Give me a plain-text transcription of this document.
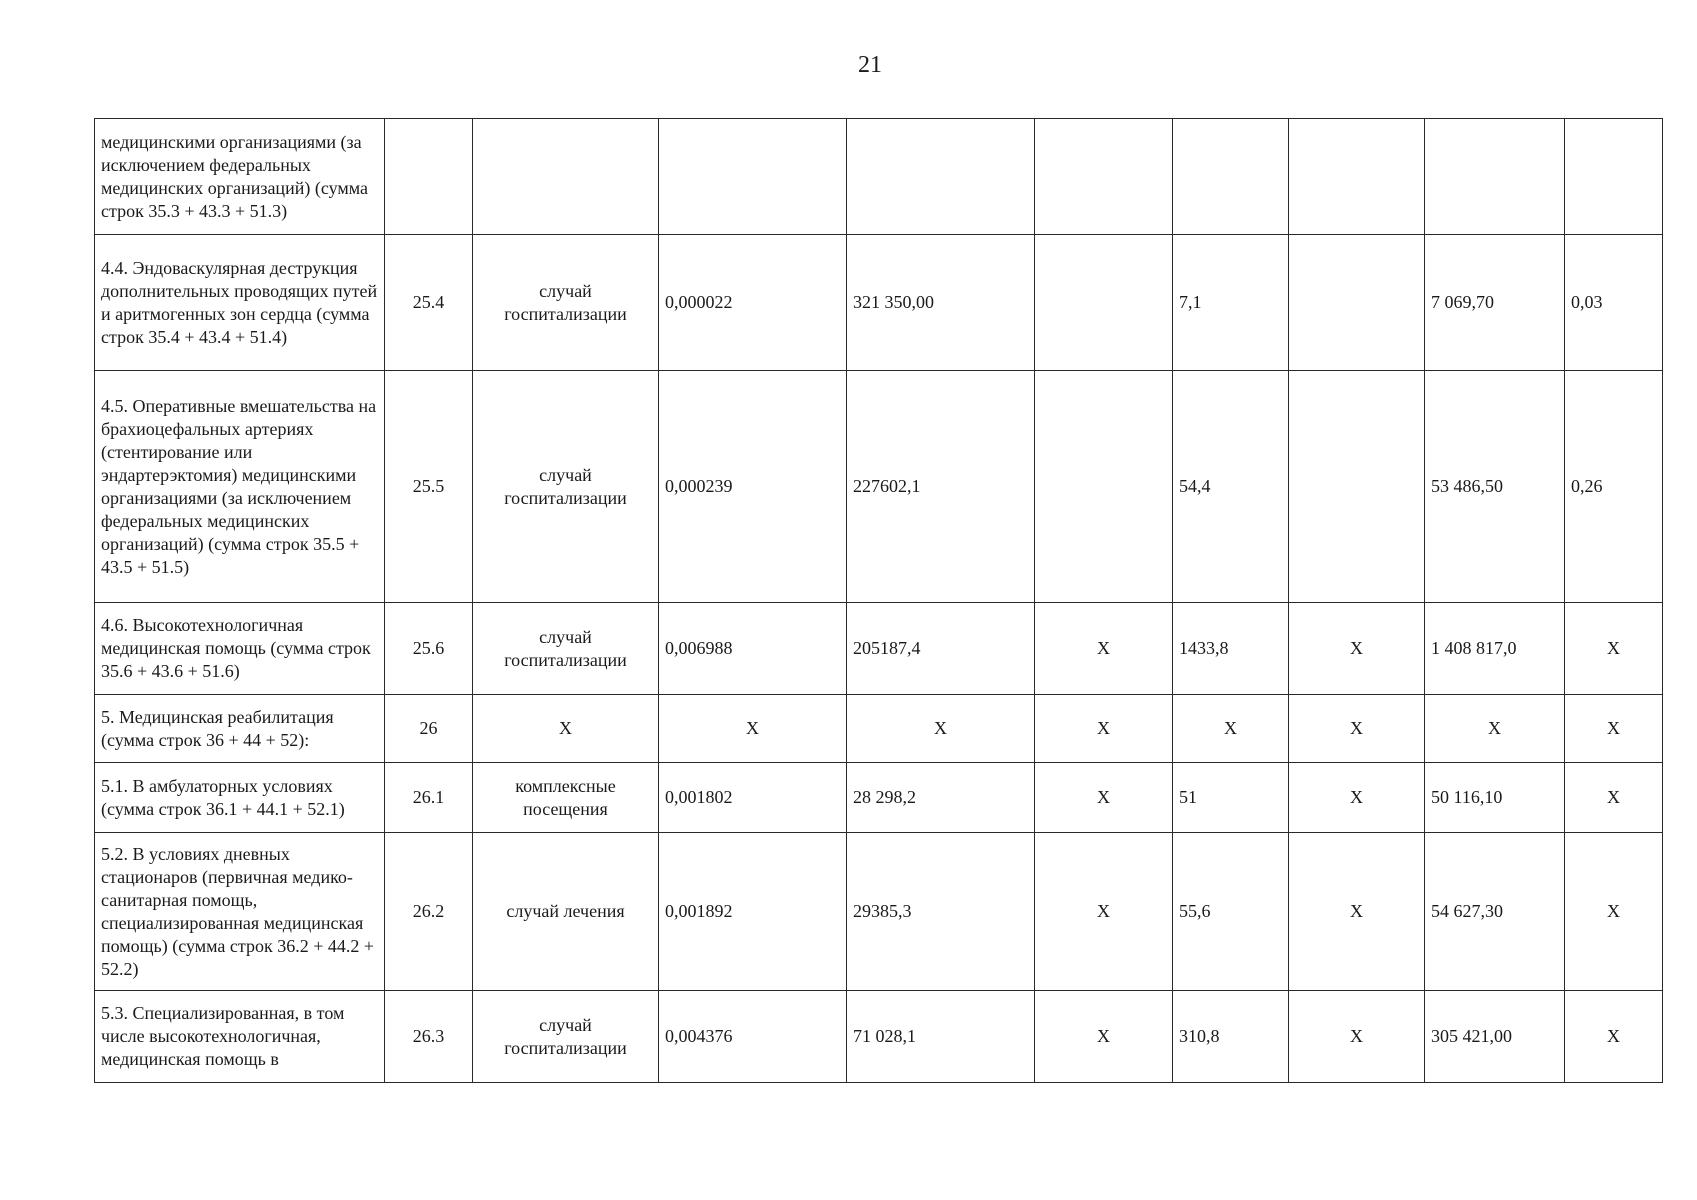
21
медицинскими организациями (за исключением федеральных медицинских организаций) (сумма строк 35.3 + 43.3 + 51.3)									
4.4. Эндоваскулярная деструкция дополнительных проводящих путей и аритмогенных зон сердца (сумма строк 35.4 + 43.4 + 51.4)	25.4	случай госпитализации	0,000022	321 350,00		7,1		7 069,70	0,03
4.5. Оперативные вмешательства на брахиоцефальных артериях (стентирование или эндартерэктомия) медицинскими организациями (за исключением федеральных медицинских организаций) (сумма строк 35.5 + 43.5 + 51.5)	25.5	случай госпитализации	0,000239	227602,1		54,4		53 486,50	0,26
4.6. Высокотехнологичная медицинская помощь (сумма строк 35.6 + 43.6 + 51.6)	25.6	случай госпитализации	0,006988	205187,4	X	1433,8	X	1 408 817,0	X
5. Медицинская реабилитация (сумма строк 36 + 44 + 52):	26	X	X	X	X	X	X	X	X
5.1. В амбулаторных условиях (сумма строк 36.1 + 44.1 + 52.1)	26.1	комплексные посещения	0,001802	28 298,2	X	51	X	50 116,10	X
5.2. В условиях дневных стационаров (первичная медико-санитарная помощь, специализированная медицинская помощь) (сумма строк 36.2 + 44.2 + 52.2)	26.2	случай лечения	0,001892	29385,3	X	55,6	X	54 627,30	X
5.3. Специализированная, в том числе высокотехнологичная, медицинская помощь в	26.3	случай госпитализации	0,004376	71 028,1	X	310,8	X	305 421,00	X
